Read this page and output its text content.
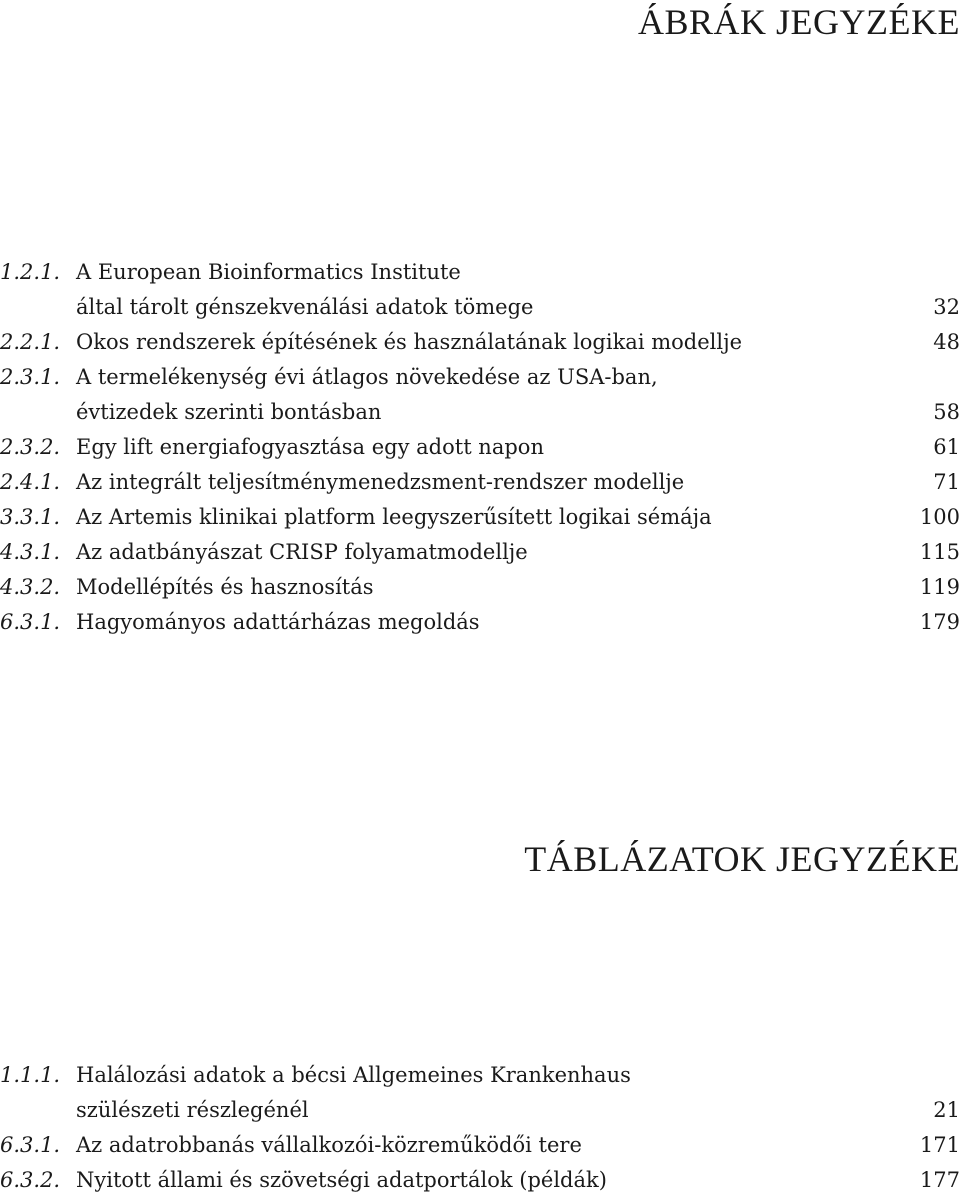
ÁBRÁK JEGYZÉKE
1.2.1. A European Bioinformatics Institute
által tárolt génszekvenálási adatok tömege	32
2.2.1. Okos rendszerek építésének és használatának logikai modellje	48
2.3.1. A termelékenység évi átlagos növekedése az USA-ban,
évtizedek szerinti bontásban	58
2.3.2. Egy lift energiafogyasztása egy adott napon	61
2.4.1. Az integrált teljesítménymenedzsment-rendszer modellje	71
3.3.1. Az Artemis klinikai platform leegyszerűsített logikai sémája	100
4.3.1. Az adatbányászat CRISP folyamatmodellje	115
4.3.2. Modellépítés és hasznosítás	119
6.3.1. Hagyományos adattárházas megoldás	179
TÁBLÁZATOK JEGYZÉKE
1.1.1. Halálozási adatok a bécsi Allgemeines Krankenhaus
szülészeti részlegénél	21
6.3.1. Az adatrobbanás vállalkozói-közreműködői tere	171
6.3.2. Nyitott állami és szövetségi adatportálok (példák)	177
